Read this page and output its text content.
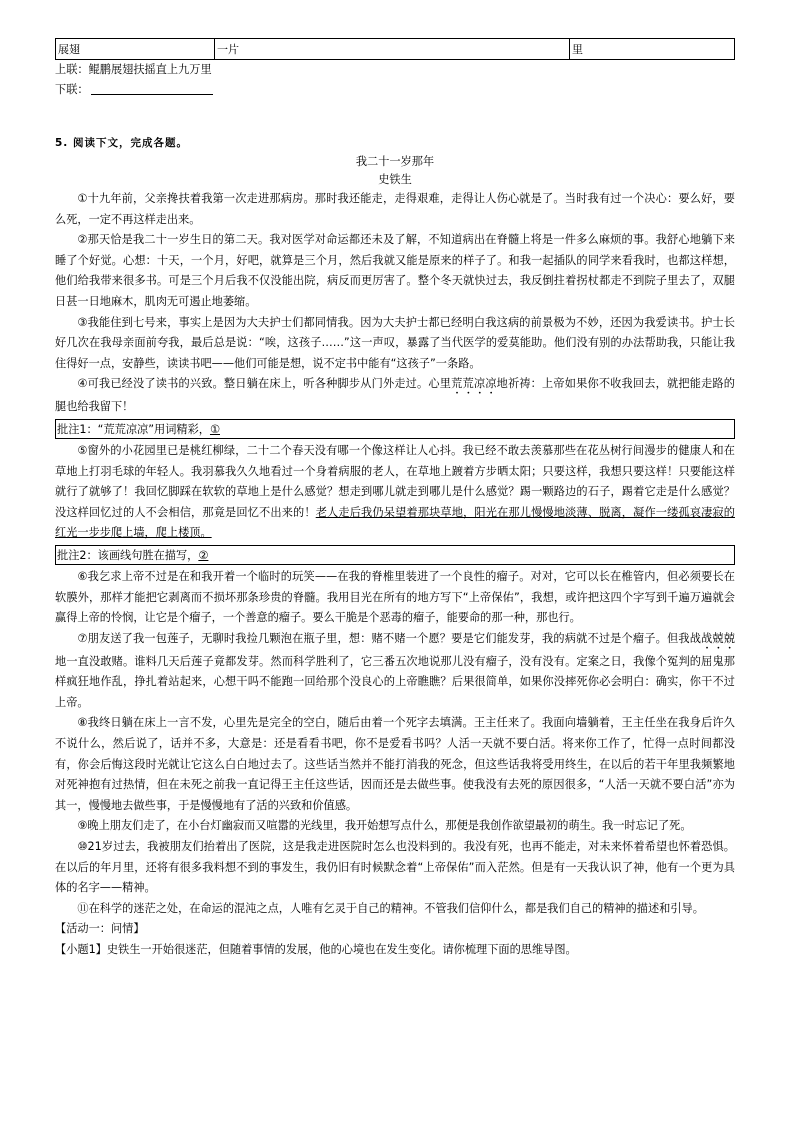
展翅	一片	里
上联：鲲鹏展翅扶摇直上九万里
下联：
5. 阅读下文，完成各题。
我二十一岁那年
史铁生

①十九年前，父亲搀扶着我第一次走进那病房。那时我还能走，走得艰难，走得让人伤心就是了。当时我有过一个决心：要么好，要么死，一定不再这样走出来。

②那天恰是我二十一岁生日的第二天。我对医学对命运都还未及了解，不知道病出在脊髓上将是一件多么麻烦的事。我舒心地躺下来睡了个好觉。心想：十天，一个月，好吧，就算是三个月，然后我就又能是原来的样子了。和我一起插队的同学来看我时，也都这样想，他们给我带来很多书。可是三个月后我不仅没能出院，病反而更厉害了。整个冬天就快过去，我反倒拄着拐杖都走不到院子里去了，双腿日甚一日地麻木，肌肉无可遏止地萎缩。

③我能住到七号来，事实上是因为大夫护士们都同情我。因为大夫护士都已经明白我这病的前景极为不妙，还因为我爱读书。护士长好几次在我母亲面前夸我，最后总是说：“唉，这孩子……”这一声叹，暴露了当代医学的爱莫能助。他们没有别的办法帮助我，只能让我住得好一点，安静些，读读书吧——他们可能是想，说不定书中能有“这孩子”一条路。

④可我已经没了读书的兴致。整日躺在床上，听各种脚步从门外走过。心里荒荒凉凉地祈祷：上帝如果你不收我回去，就把能走路的腿也给我留下！

批注1：“荒荒凉凉”用词精彩，①

⑤窗外的小花园里已是桃红柳绿，二十二个春天没有哪一个像这样让人心抖。我已经不敢去羡慕那些在花丛树行间漫步的健康人和在草地上打羽毛球的年轻人。我羽慕我久久地看过一个身着病服的老人，在草地上踱着方步晒太阳；只要这样，我想只要这样！只要能这样就行了就够了！我回忆脚踩在软软的草地上是什么感觉？想走到哪儿就走到哪儿是什么感觉？踢一颗路边的石子，踢着它走是什么感觉？没这样回忆过的人不会相信，那竟是回忆不出来的！老人走后我仍呆望着那块草地，阳光在那儿慢慢地淡薄、脱离，凝作一缕孤哀凄寂的红光一步步爬上墙，爬上楼顶。

批注2：该画线句胜在描写，②

⑥我乞求上帝不过是在和我开着一个临时的玩笑——在我的脊椎里装进了一个良性的瘤子。对对，它可以长在椎管内，但必须要长在软膜外，那样才能把它剥离而不损坏那条珍贵的脊髓。我用目光在所有的地方写下“上帝保佑”，我想，或许把这四个字写到千遍万遍就会赢得上帝的怜悯，让它是个瘤子，一个善意的瘤子。要么干脆是个恶毒的瘤子，能要命的那一种，那也行。

⑦朋友送了我一包莲子，无聊时我捡几颗泡在瓶子里，想：赌不赌一个愿？要是它们能发芽，我的病就不过是个瘤子。但我战战兢兢地一直没敢赌。谁料几天后莲子竟都发芽。然而科学胜利了，它三番五次地说那儿没有瘤子，没有没有。定案之日，我像个冤判的屈鬼那样疯狂地作乱，挣扎着站起来，心想干吗不能跑一回给那个没良心的上帝瞧瞧？后果很简单，如果你没摔死你必会明白：确实，你干不过上帝。

⑧我终日躺在床上一言不发，心里先是完全的空白，随后由着一个死字去填满。王主任来了。我面向墙躺着，王主任坐在我身后许久不说什么，然后说了，话并不多，大意是：还是看看书吧，你不是爱看书吗？人活一天就不要白活。将来你工作了，忙得一点时间都没有，你会后悔这段时光就让它这么白白地过去了。这些话当然并不能打消我的死念，但这些话我将受用终生，在以后的若干年里我频繁地对死神抱有过热情，但在未死之前我一直记得王主任这些话，因而还是去做些事。使我没有去死的原因很多，“人活一天就不要白活”亦为其一，慢慢地去做些事，于是慢慢地有了活的兴致和价值感。

⑨晚上朋友们走了，在小台灯幽寂而又喧嚣的光线里，我开始想写点什么，那便是我创作欲望最初的萌生。我一时忘记了死。

⑩21岁过去，我被朋友们抬着出了医院，这是我走进医院时怎么也没料到的。我没有死，也再不能走，对未来怀着希望也怀着恐惧。在以后的年月里，还将有很多我料想不到的事发生，我仍旧有时候默念着“上帝保佑”而入茫然。但是有一天我认识了神，他有一个更为具体的名字——精神。

⑪在科学的迷茫之处，在命运的混沌之点，人唯有乞灵于自己的精神。不管我们信仰什么，都是我们自己的精神的描述和引导。

【活动一：问情】
【小题1】史铁生一开始很迷茫，但随着事情的发展，他的心境也在发生变化。请你梳理下面的思维导图。
